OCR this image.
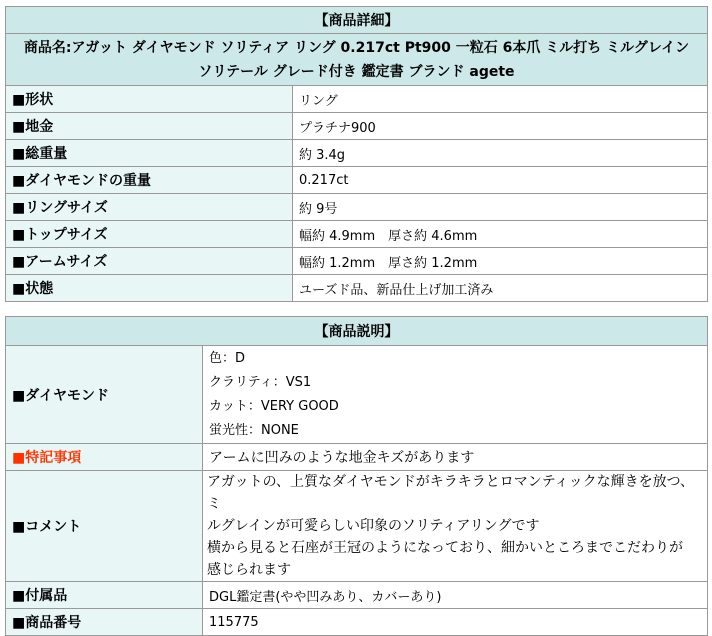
【商品詳細】	

商品名:アガット ダイヤモンド ソリティア リング 0.217ct Pt900 一粒石 6本爪 ミル打ち ミルグレイン
ソリテール グレード付き 鑑定書 ブランド agete	

■形状	リング
■地金	プラチナ900
■総重量	約 3.4g
■ダイヤモンドの重量	0.217ct
■リングサイズ	約 9号
■トップサイズ	幅約 4.9mm　厚さ約 4.6mm
■アームサイズ	幅約 1.2mm　厚さ約 1.2mm
■状態	ユーズド品、新品仕上げ加工済み
【商品説明】	
■ダイヤモンド	色：D
クラリティ：VS1
カット：VERY GOOD
蛍光性：NONE

■特記事項	アームに凹みのような地金キズがあります
■コメント	アガットの、上質なダイヤモンドがキラキラとロマンティックな輝きを放つ、ミ
ルグレインが可愛らしい印象のソリティアリングです
横から見ると石座が王冠のようになっており、細かいところまでこだわりが
感じられます

■付属品	DGL鑑定書(やや凹みあり、カバーあり)
■商品番号	115775
